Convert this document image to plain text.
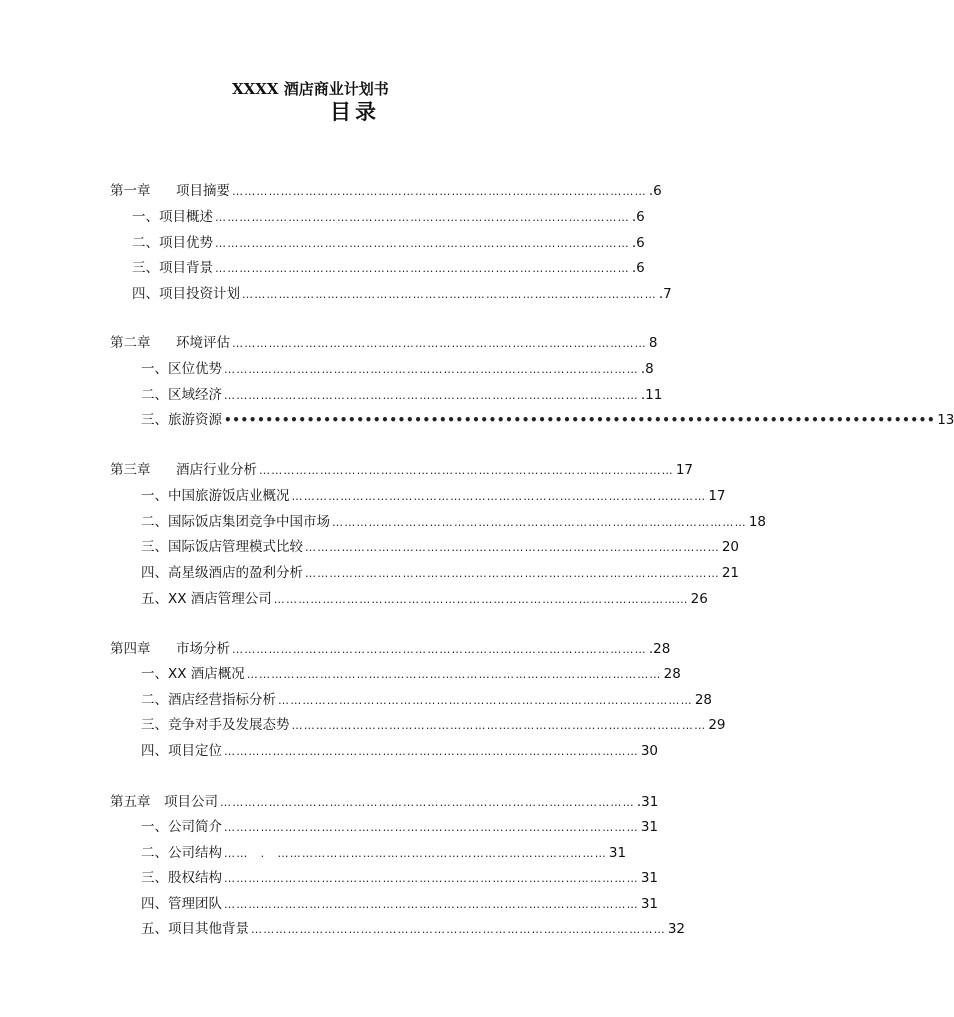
XXXX 酒店商业计划书
目录
第一章 项目摘要 ………………………………………………………………………………………… .6
一、项目概述 ………………………………………………………………………………………… .6
二、项目优势 ………………………………………………………………………………………… .6
三、项目背景 ………………………………………………………………………………………… .6
四、项目投资计划 ………………………………………………………………………………………… .7
第二章 环境评估 ………………………………………………………………………………………… 8
一、区位优势 ………………………………………………………………………………………… .8
二、区域经济 ………………………………………………………………………………………… .11
三、旅游资源 •••••••••••••••••••••••••••••••••••••••••••••••••••••••••••••••••••••••••••••••••••••• 13
第三章 酒店行业分析 ………………………………………………………………………………………… 17
一、中国旅游饭店业概况 ………………………………………………………………………………………… 17
二、国际饭店集团竞争中国市场 ………………………………………………………………………………………… 18
三、国际饭店管理模式比较 ………………………………………………………………………………………… 20
四、高星级酒店的盈利分析 ………………………………………………………………………………………… 21
五、XX 酒店管理公司 ………………………………………………………………………………………… 26
第四章 市场分析 ………………………………………………………………………………………… .28
一、XX 酒店概况 ………………………………………………………………………………………… 28
二、酒店经营指标分析 ………………………………………………………………………………………… 28
三、竞争对手及发展态势 ………………………………………………………………………………………… 29
四、项目定位 ………………………………………………………………………………………… 30
第五章 项目公司 ………………………………………………………………………………………… .31
一、公司简介 ………………………………………………………………………………………… 31
二、公司结构 ……　.　……………………………………………………………………… 31
三、股权结构 ………………………………………………………………………………………… 31
四、管理团队 ………………………………………………………………………………………… 31
五、项目其他背景 ………………………………………………………………………………………… 32
